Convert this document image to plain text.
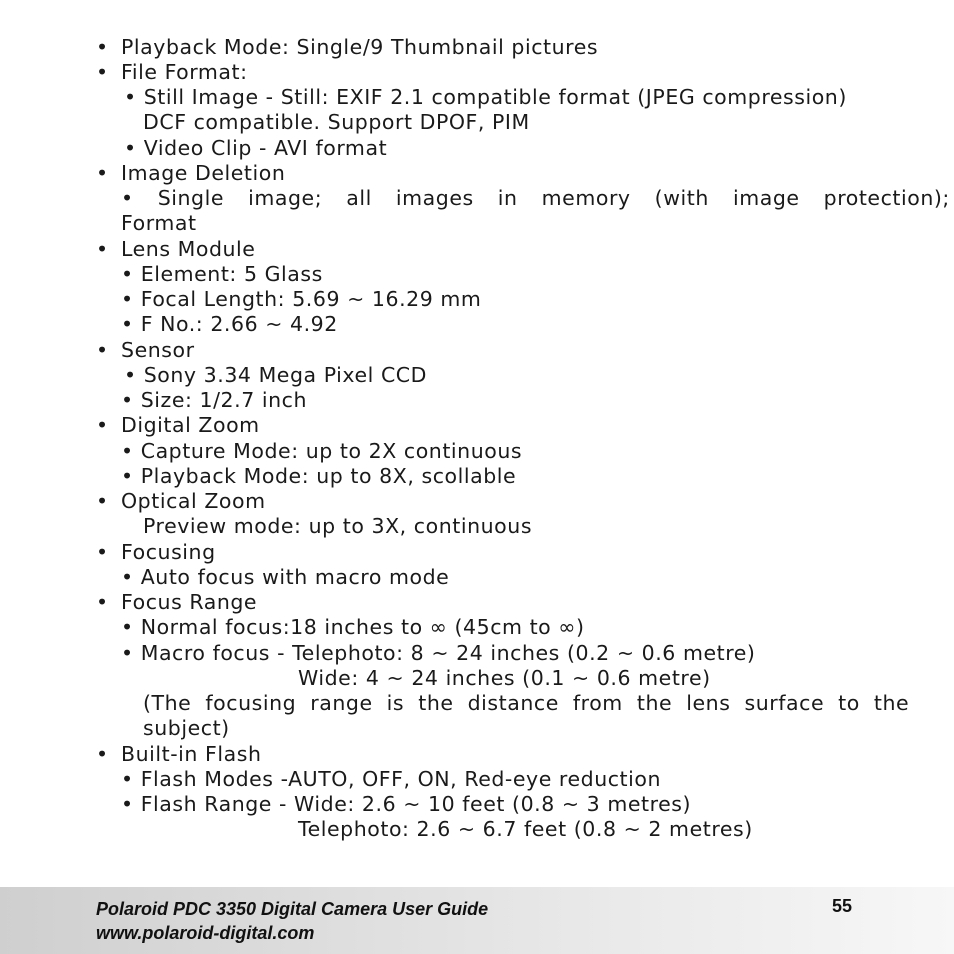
• Playback Mode: Single/9 Thumbnail pictures
• File Format:
• Still Image - Still: EXIF 2.1 compatible format (JPEG compression)
DCF compatible. Support DPOF, PIM
• Video Clip - AVI format
• Image Deletion
• Single image; all images in memory (with image protection);
Format
• Lens Module
• Element: 5 Glass
• Focal Length: 5.69 ~ 16.29 mm
• F No.: 2.66 ~ 4.92
• Sensor
• Sony 3.34 Mega Pixel CCD
• Size: 1/2.7 inch
• Digital Zoom
• Capture Mode: up to 2X continuous
• Playback Mode: up to 8X, scollable
• Optical Zoom
Preview mode: up to 3X, continuous
• Focusing
• Auto focus with macro mode
• Focus Range
• Normal focus:18 inches to ∞ (45cm to ∞)
• Macro focus - Telephoto: 8 ~ 24 inches (0.2 ~ 0.6 metre)
Wide: 4 ~ 24 inches (0.1 ~ 0.6 metre)
(The focusing range is the distance from the lens surface to the
subject)
• Built-in Flash
• Flash Modes -AUTO, OFF, ON, Red-eye reduction
• Flash Range - Wide: 2.6 ~ 10 feet (0.8 ~ 3 metres)
Telephoto: 2.6 ~ 6.7 feet (0.8 ~ 2 metres)
Polaroid PDC 3350 Digital Camera User Guide
www.polaroid-digital.com
55
